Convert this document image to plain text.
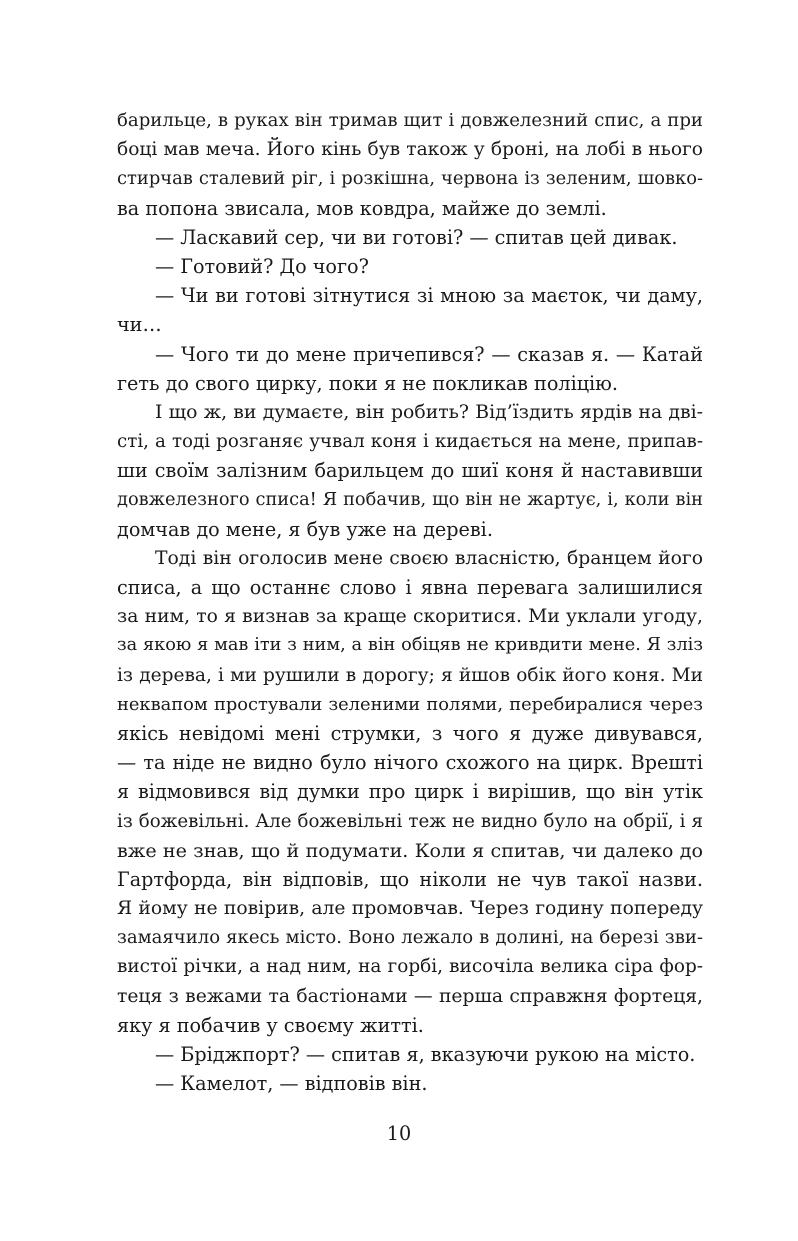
барильце, в руках він тримав щит і довжелезний спис, а при
боці мав меча. Його кінь був також у броні, на лобі в нього
стирчав сталевий ріг, і розкішна, червона із зеленим, шовко-
ва попона звисала, мов ковдра, майже до землі.
— Ласкавий сер, чи ви готові? — спитав цей дивак.
— Готовий? До чого?
— Чи ви готові зітнутися зі мною за маєток, чи даму,
чи…
— Чого ти до мене причепився? — сказав я. — Катай
геть до свого цирку, поки я не покликав поліцію.
І що ж, ви думаєте, він робить? Від’їздить ярдів на дві-
сті, а тоді розганяє учвал коня і кидається на мене, припав-
ши своїм залізним барильцем до шиї коня й наставивши
довжелезного списа! Я побачив, що він не жартує, і, коли він
домчав до мене, я був уже на дереві.
Тоді він оголосив мене своєю власністю, бранцем його
списа, а що останнє слово і явна перевага залишилися
за ним, то я визнав за краще скоритися. Ми уклали угоду,
за якою я мав іти з ним, а він обіцяв не кривдити мене. Я зліз
із дерева, і ми рушили в дорогу; я йшов обік його коня. Ми
неквапом простували зеленими полями, перебиралися через
якісь невідомі мені струмки, з чого я дуже дивувався,
— та ніде не видно було нічого схожого на цирк. Врешті
я відмовився від думки про цирк і вирішив, що він утік
із божевільні. Але божевільні теж не видно було на обрії, і я
вже не знав, що й подумати. Коли я спитав, чи далеко до
Гартфорда, він відповів, що ніколи не чув такої назви.
Я йому не повірив, але промовчав. Через годину попереду
замаячило якесь місто. Воно лежало в долині, на березі зви-
вистої річки, а над ним, на горбі, височіла велика сіра фор-
теця з вежами та бастіонами — перша справжня фортеця,
яку я побачив у своєму житті.
— Бріджпорт? — спитав я, вказуючи рукою на місто.
— Камелот, — відповів він.
10
